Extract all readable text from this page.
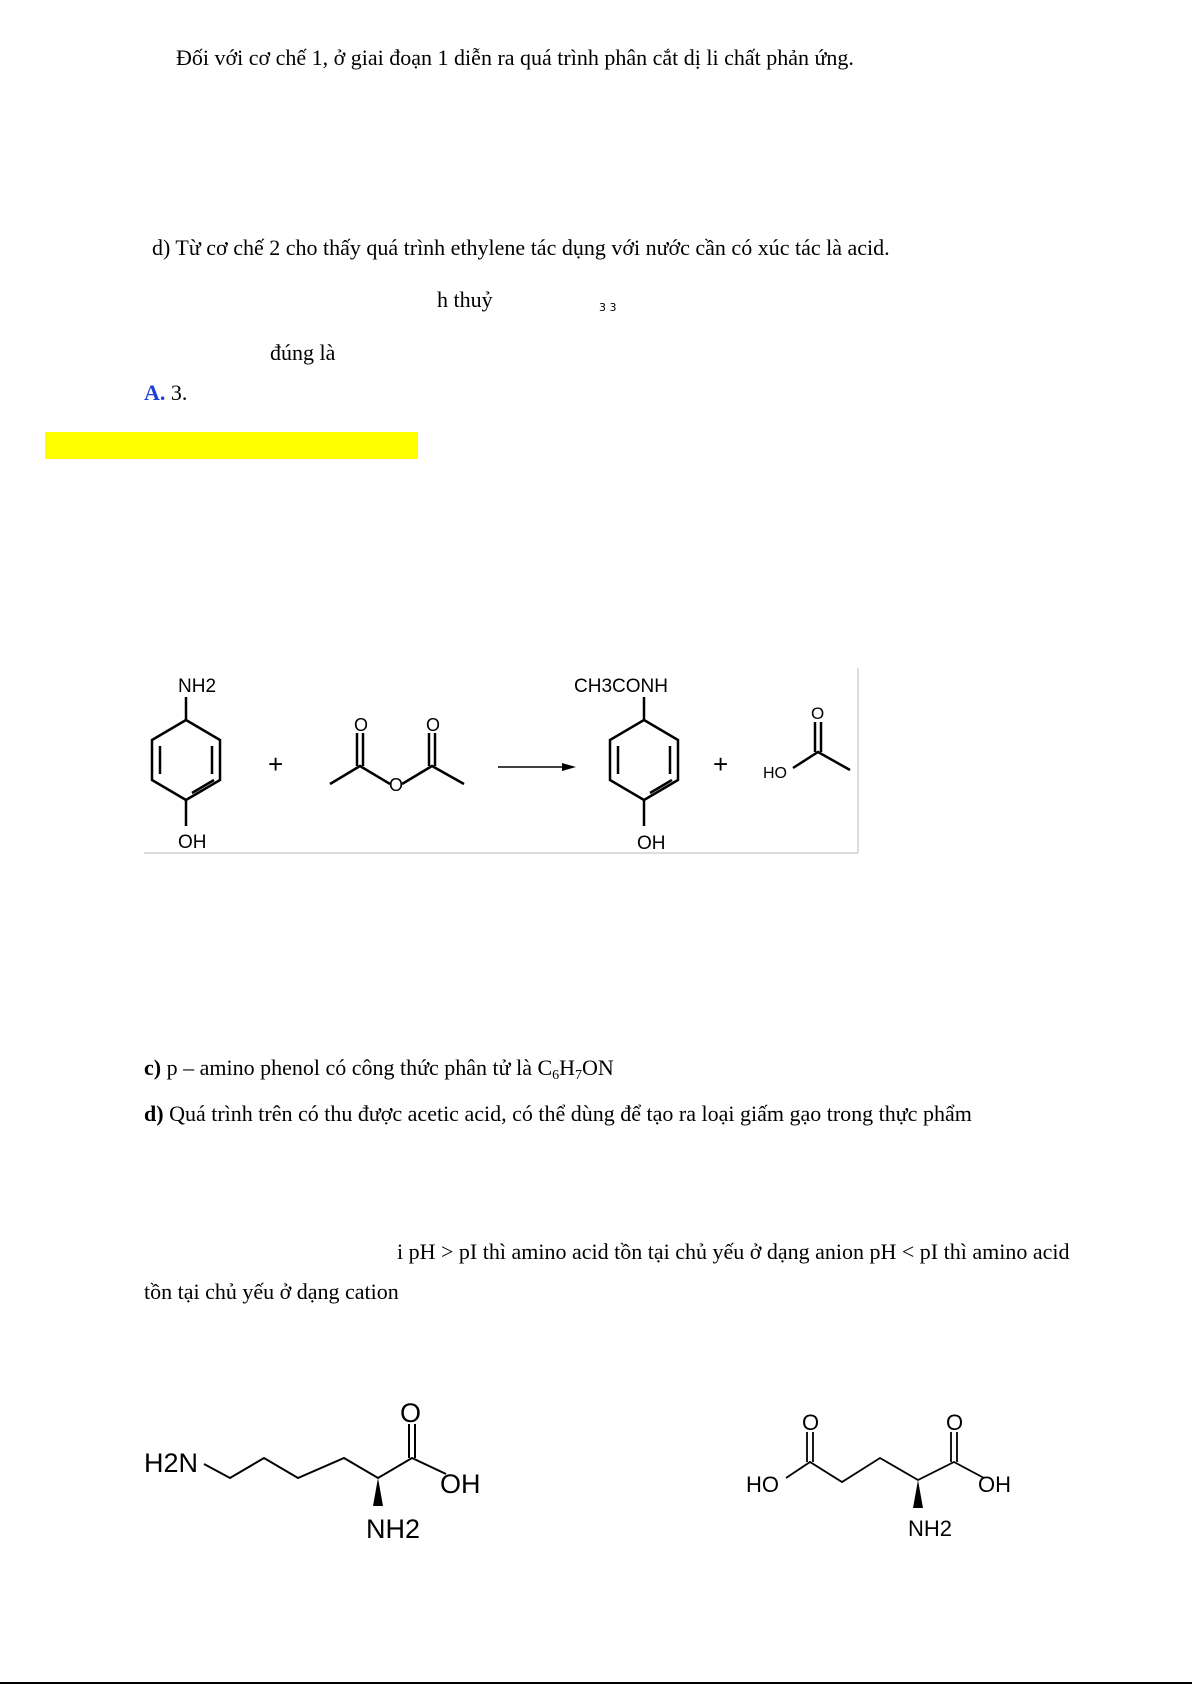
Đối với cơ chế 1, ở giai đoạn 1 diễn ra quá trình phân cắt dị li chất phản ứng.
d) Từ cơ chế 2 cho thấy quá trình ethylene tác dụng với nước cần có xúc tác là acid.
h thuỷ	3 3
đúng là
A. 3.
NH2
OH
+
O	O
O
CH3CONH
OH
+ HO
O
c) p – amino phenol có công thức phân tử là $C_6H_7ON$
d) Quá trình trên có thu được acetic acid, có thể dùng để tạo ra loại giấm gạo trong thực phẩm
i pH > pI thì amino acid tồn tại chủ yếu ở dạng anion pH < pI thì amino acid
tồn tại chủ yếu ở dạng cation
O
H2N
OH
NH2
O	O
HO	OH
NH2
